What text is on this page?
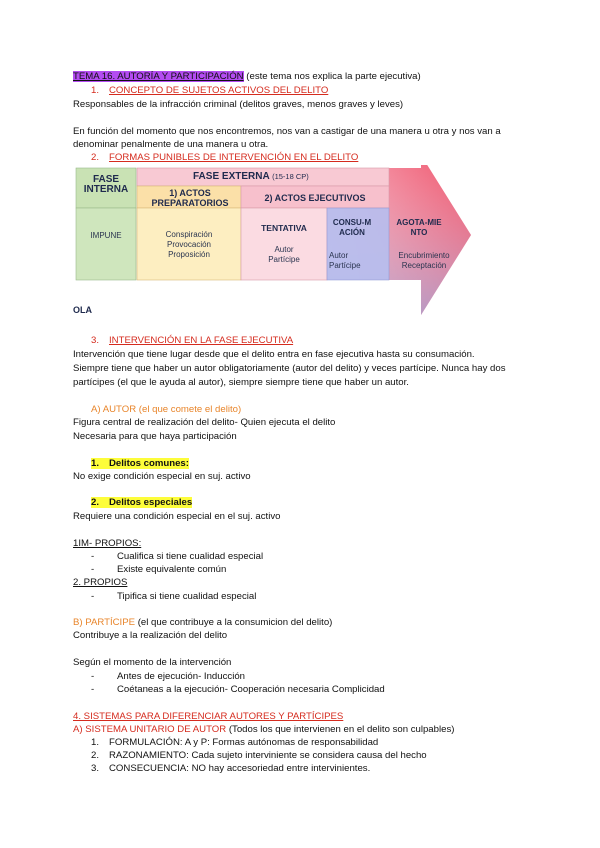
TEMA 16. AUTORÍA Y PARTICIPACIÓN (este tema nos explica la parte ejecutiva)
1. CONCEPTO DE SUJETOS ACTIVOS DEL DELITO
Responsables de la infracción criminal (delitos graves, menos graves y leves)
En función del momento que nos encontremos, nos van a castigar de una manera u otra y nos van a
denominar penalmente de una manera u otra.
2. FORMAS PUNIBLES DE INTERVENCIÓN EN EL DELITO
FASE INTERNA
IMPUNE
FASE EXTERNA (15-18 CP)
1) ACTOS PREPARATORIOS
Conspiración
Provocación
Proposición
2) ACTOS EJECUTIVOS
TENTATIVA
Autor
Partícipe
CONSU-MACIÓN
Autor
Partícipe
AGOTA-MIENTO
Encubrimiento
Receptación
OLA
3. INTERVENCIÓN EN LA FASE EJECUTIVA
Intervención que tiene lugar desde que el delito entra en fase ejecutiva hasta su consumación.
Siempre tiene que haber un autor obligatoriamente (autor del delito) y veces partícipe. Nunca hay dos
partícipes (el que le ayuda al autor), siempre siempre tiene que haber un autor.
A) AUTOR (el que comete el delito)
Figura central de realización del delito- Quien ejecuta el delito
Necesaria para que haya participación
1. Delitos comunes:
No exige condición especial en suj. activo
2. Delitos especiales
Requiere una condición especial en el suj. activo
1IM- PROPIOS:
- Cualifica si tiene cualidad especial
- Existe equivalente común
2. PROPIOS
- Tipifica si tiene cualidad especial
B) PARTÍCIPE (el que contribuye a la consumicion del delito)
Contribuye a la realización del delito
Según el momento de la intervención
- Antes de ejecución- Inducción
- Coétaneas a la ejecución- Cooperación necesaria Complicidad
4. SISTEMAS PARA DIFERENCIAR AUTORES Y PARTÍCIPES
A) SISTEMA UNITARIO DE AUTOR (Todos los que intervienen en el delito son culpables)
1. FORMULACIÓN: A y P: Formas autónomas de responsabilidad
2. RAZONAMIENTO: Cada sujeto interviniente se considera causa del hecho
3. CONSECUENCIA: NO hay accesoriedad entre intervinientes.
